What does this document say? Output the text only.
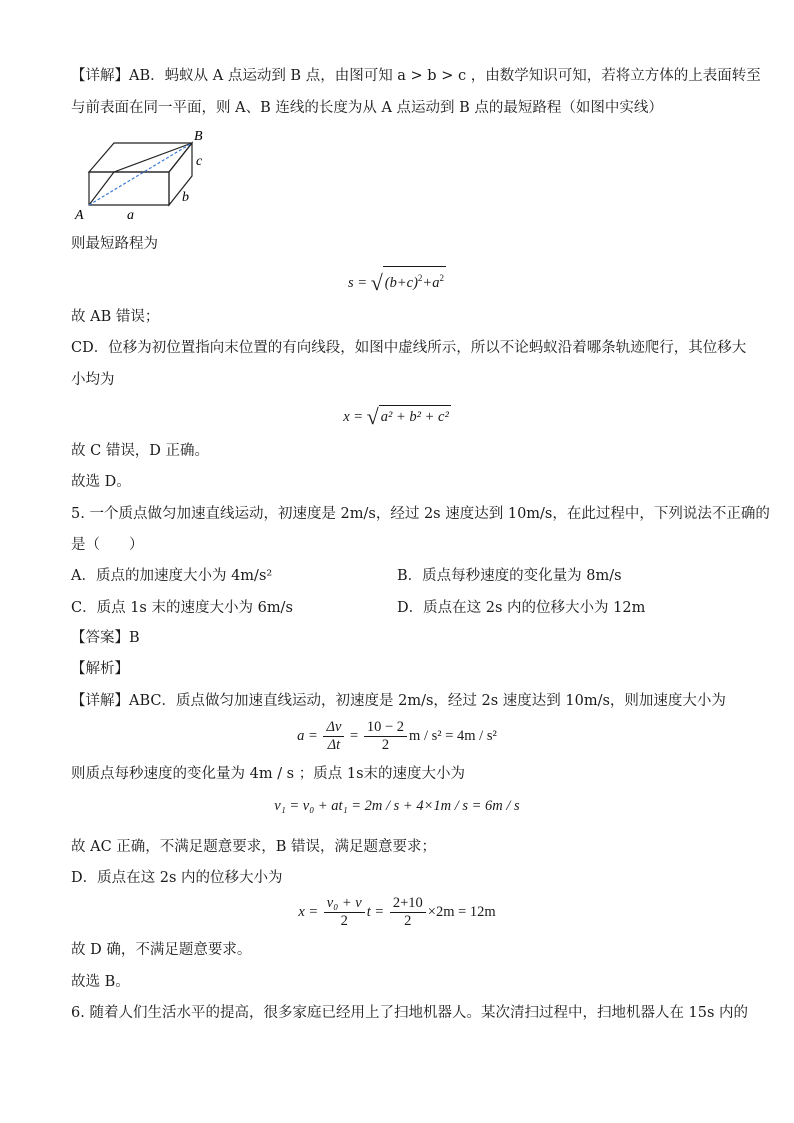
【详解】AB．蚂蚁从 A 点运动到 B 点，由图可知 a > b > c ，由数学知识可知，若将立方体的上表面转至
与前表面在同一平面，则 A、B 连线的长度为从 A 点运动到 B 点的最短路程（如图中实线）
A	a
B
c
b
则最短路程为
s = √ $(b+c)^2+a^2$
故 AB 错误；
CD．位移为初位置指向末位置的有向线段，如图中虚线所示，所以不论蚂蚁沿着哪条轨迹爬行，其位移大
小均为
x = √ a² + b² + c²
故 C 错误，D 正确。
故选 D。
5. 一个质点做匀加速直线运动，初速度是 2m/s，经过 2s 速度达到 10m/s，在此过程中，下列说法不正确的
是（　　）
A．质点的加速度大小为 4m/s²	B．质点每秒速度的变化量为 8m/s
C．质点 1s 末的速度大小为 6m/s	D．质点在这 2s 内的位移大小为 12m
【答案】B
【解析】
【详解】ABC．质点做匀加速直线运动，初速度是 2m/s，经过 2s 速度达到 10m/s，则加速度大小为
$a = \frac{\Delta v}{\Delta t} = \frac{10 - 2}{2}$ m / s² = 4m / s²
则质点每秒速度的变化量为 4m / s ；质点 1s末的速度大小为
v₁ = v₀ + at₁ = 2m / s + 4×1m / s = 6m / s
故 AC 正确，不满足题意要求，B 错误，满足题意要求；
D．质点在这 2s 内的位移大小为
$x = \frac{\text{v₀ + v}}{2}$ $t = \frac{2+10}{2} \times 2m = 12m$
故 D 确，不满足题意要求。
故选 B。
6. 随着人们生活水平的提高，很多家庭已经用上了扫地机器人。某次清扫过程中，扫地机器人在 15s 内的
